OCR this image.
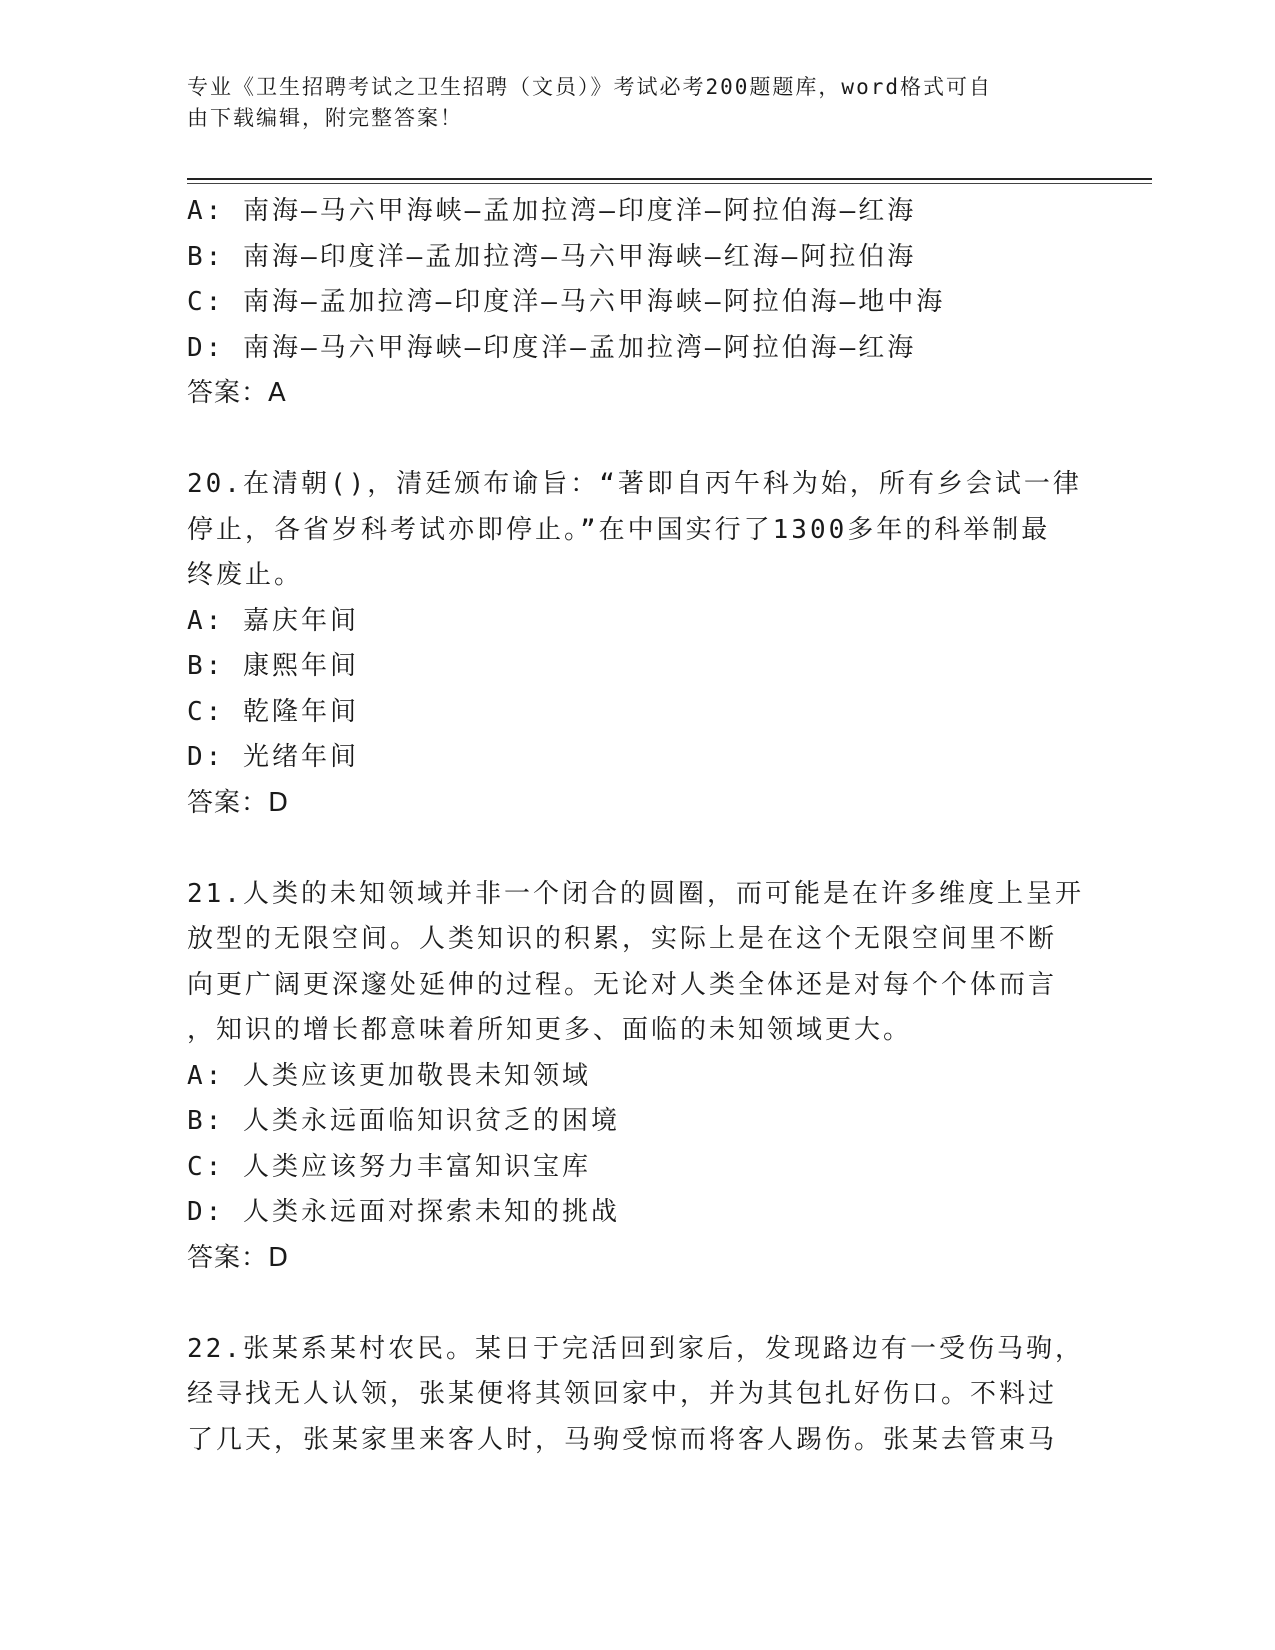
专业《卫生招聘考试之卫生招聘（文员）》考试必考200题题库，word格式可自
由下载编辑，附完整答案！
A: 南海—马六甲海峡—孟加拉湾—印度洋—阿拉伯海—红海
B: 南海—印度洋—孟加拉湾—马六甲海峡—红海—阿拉伯海
C: 南海—孟加拉湾—印度洋—马六甲海峡—阿拉伯海—地中海
D: 南海—马六甲海峡—印度洋—孟加拉湾—阿拉伯海—红海
答案：A
20.在清朝()，清廷颁布谕旨：“著即自丙午科为始，所有乡会试一律
停止，各省岁科考试亦即停止。”在中国实行了1300多年的科举制最
终废止。
A: 嘉庆年间
B: 康熙年间
C: 乾隆年间
D: 光绪年间
答案：D
21.人类的未知领域并非一个闭合的圆圈，而可能是在许多维度上呈开
放型的无限空间。人类知识的积累，实际上是在这个无限空间里不断
向更广阔更深邃处延伸的过程。无论对人类全体还是对每个个体而言
，知识的增长都意味着所知更多、面临的未知领域更大。
A: 人类应该更加敬畏未知领域
B: 人类永远面临知识贫乏的困境
C: 人类应该努力丰富知识宝库
D: 人类永远面对探索未知的挑战
答案：D
22.张某系某村农民。某日于完活回到家后，发现路边有一受伤马驹，
经寻找无人认领，张某便将其领回家中，并为其包扎好伤口。不料过
了几天，张某家里来客人时，马驹受惊而将客人踢伤。张某去管束马
